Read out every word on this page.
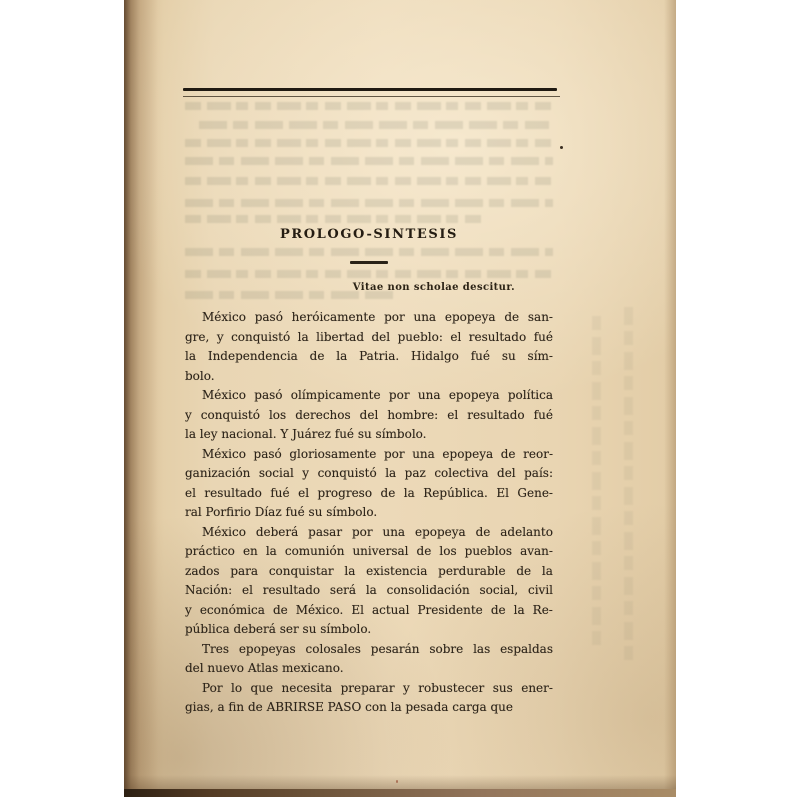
PROLOGO-SINTESIS
Vitae non scholae descitur.
México pasó heróicamente por una epopeya de san-
gre, y conquistó la libertad del pueblo: el resultado fué
la Independencia de la Patria. Hidalgo fué su sím-
bolo.
México pasó olímpicamente por una epopeya política
y conquistó los derechos del hombre: el resultado fué
la ley nacional. Y Juárez fué su símbolo.
México pasó gloriosamente por una epopeya de reor-
ganización social y conquistó la paz colectiva del país:
el resultado fué el progreso de la República. El Gene-
ral Porfirio Díaz fué su símbolo.
México deberá pasar por una epopeya de adelanto
práctico en la comunión universal de los pueblos avan-
zados para conquistar la existencia perdurable de la
Nación: el resultado será la consolidación social, civil
y económica de México. El actual Presidente de la Re-
pública deberá ser su símbolo.
Tres epopeyas colosales pesarán sobre las espaldas
del nuevo Atlas mexicano.
Por lo que necesita preparar y robustecer sus ener-
gias, a fin de ABRIRSE PASO con la pesada carga que
